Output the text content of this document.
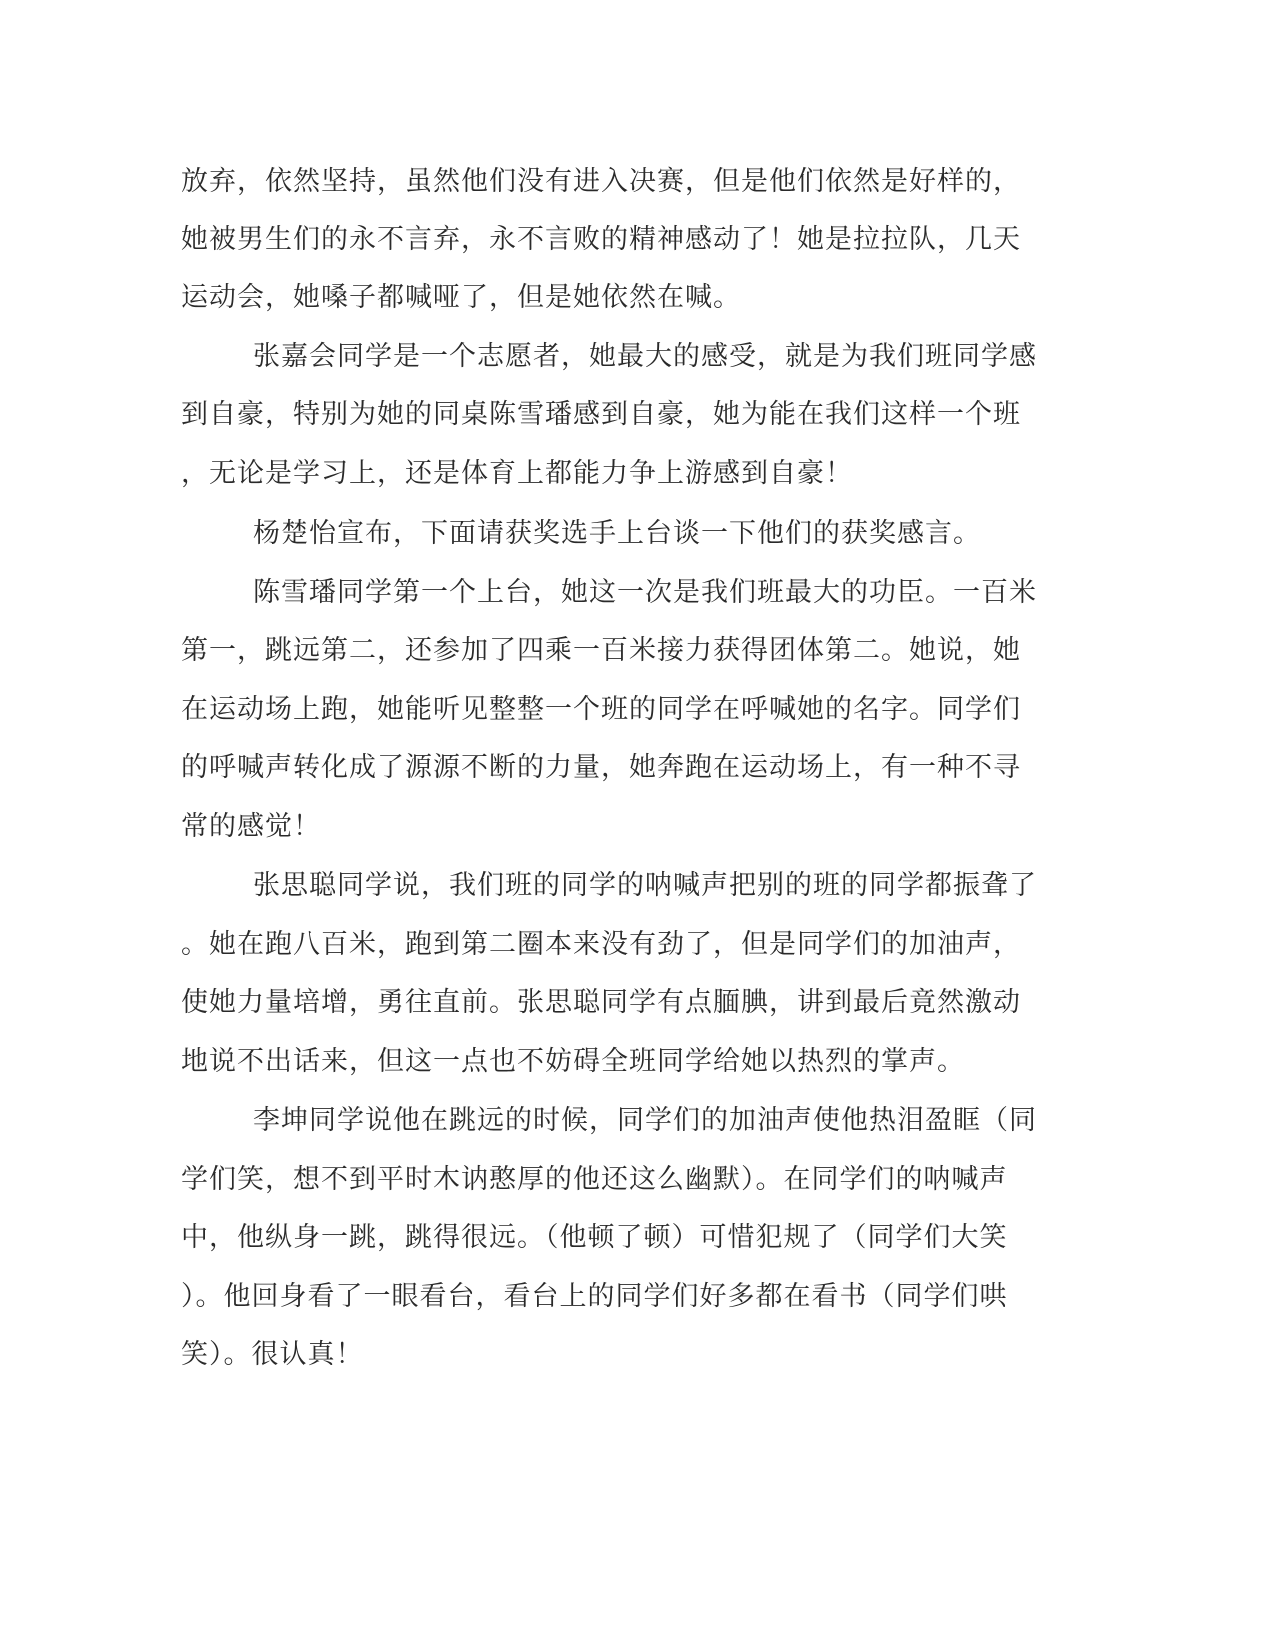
放弃，依然坚持，虽然他们没有进入决赛，但是他们依然是好样的，
她被男生们的永不言弃，永不言败的精神感动了！她是拉拉队，几天
运动会，她嗓子都喊哑了，但是她依然在喊。
张嘉会同学是一个志愿者，她最大的感受，就是为我们班同学感
到自豪，特别为她的同桌陈雪璠感到自豪，她为能在我们这样一个班
，无论是学习上，还是体育上都能力争上游感到自豪！
杨楚怡宣布，下面请获奖选手上台谈一下他们的获奖感言。
陈雪璠同学第一个上台，她这一次是我们班最大的功臣。一百米
第一，跳远第二，还参加了四乘一百米接力获得团体第二。她说，她
在运动场上跑，她能听见整整一个班的同学在呼喊她的名字。同学们
的呼喊声转化成了源源不断的力量，她奔跑在运动场上，有一种不寻
常的感觉！
张思聪同学说，我们班的同学的呐喊声把别的班的同学都振聋了
。她在跑八百米，跑到第二圈本来没有劲了，但是同学们的加油声，
使她力量培增，勇往直前。张思聪同学有点腼腆，讲到最后竟然激动
地说不出话来，但这一点也不妨碍全班同学给她以热烈的掌声。
李坤同学说他在跳远的时候，同学们的加油声使他热泪盈眶（同
学们笑，想不到平时木讷憨厚的他还这么幽默）。在同学们的呐喊声
中，他纵身一跳，跳得很远。（他顿了顿）可惜犯规了（同学们大笑
）。他回身看了一眼看台，看台上的同学们好多都在看书（同学们哄
笑）。很认真！
